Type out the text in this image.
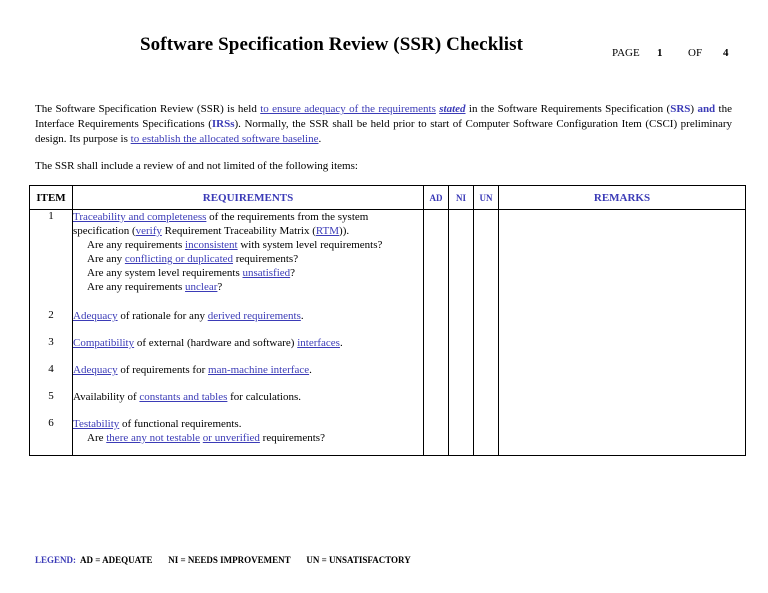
Software Specification Review (SSR) Checklist	PAGE 1 OF 4
The Software Specification Review (SSR) is held to ensure adequacy of the requirements stated in the Software Requirements Specification (SRS) and the Interface Requirements Specifications (IRSs). Normally, the SSR shall be held prior to start of Computer Software Configuration Item (CSCI) preliminary design. Its purpose is to establish the allocated software baseline.
The SSR shall include a review of and not limited of the following items:
ITEM	REQUIREMENTS	AD	NI	UN	REMARKS
1	Traceability and completeness of the requirements from the system specification (verify Requirement Traceability Matrix (RTM)).
Are any requirements inconsistent with system level requirements?
Are any conflicting or duplicated requirements?
Are any system level requirements unsatisfied?
Are any requirements unclear?				

2	Adequacy of rationale for any derived requirements.				
3	Compatibility of external (hardware and software) interfaces.				
4	Adequacy of requirements for man-machine interface.				
5	Availability of constants and tables for calculations.				
6	Testability of functional requirements.
Are there any not testable or unverified requirements?				

LEGEND: AD = ADEQUATE NI = NEEDS IMPROVEMENT UN = UNSATISFACTORY
